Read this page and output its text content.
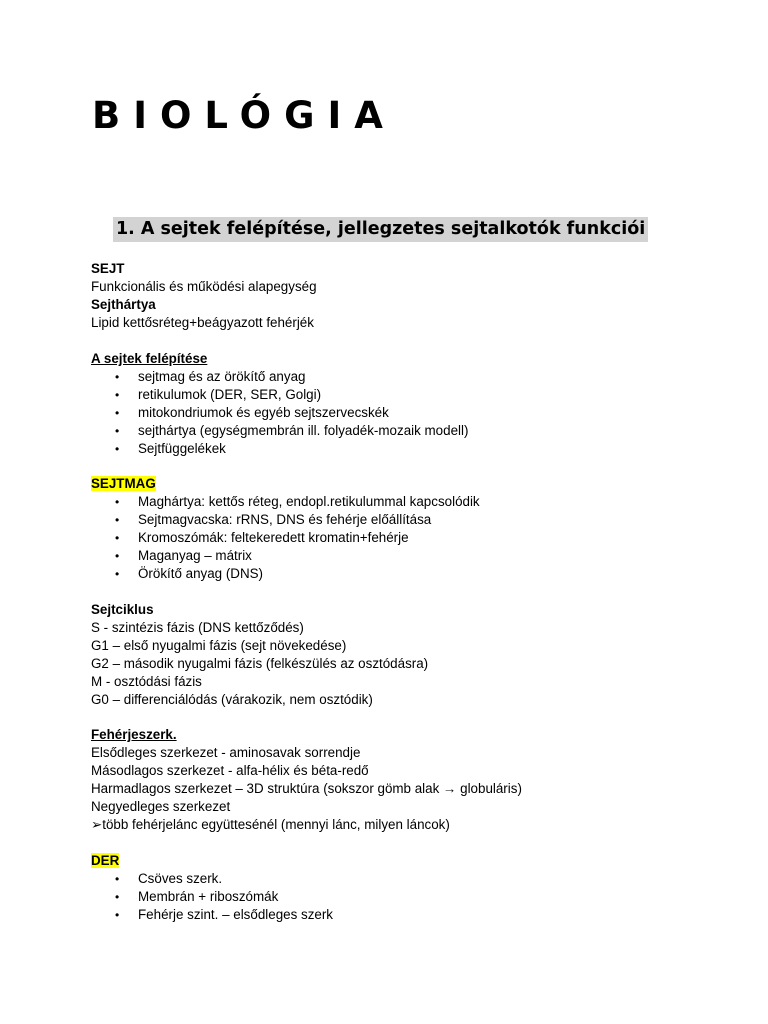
BIOLÓGIA
1. A sejtek felépítése, jellegzetes sejtalkotók funkciói
SEJT
Funkcionális és működési alapegység
Sejthártya
Lipid kettősréteg+beágyazott fehérjék
A sejtek felépítése
• sejtmag és az örökítő anyag
• retikulumok (DER, SER, Golgi)
• mitokondriumok és egyéb sejtszervecskék
• sejthártya (egységmembrán ill. folyadék-mozaik modell)
• Sejtfüggelékek
SEJTMAG
• Maghártya: kettős réteg, endopl.retikulummal kapcsolódik
• Sejtmagvacska: rRNS, DNS és fehérje előállítása
• Kromoszómák: feltekeredett kromatin+fehérje
• Maganyag – mátrix
• Örökítő anyag (DNS)
Sejtciklus
S - szintézis fázis (DNS kettőződés)
G1 – első nyugalmi fázis (sejt növekedése)
G2 – második nyugalmi fázis (felkészülés az osztódásra)
M - osztódási fázis
G0 – differenciálódás (várakozik, nem osztódik)
Fehérjeszerk.
Elsődleges szerkezet - aminosavak sorrendje
Másodlagos szerkezet - alfa-hélix és béta-redő
Harmadlagos szerkezet – 3D struktúra (sokszor gömb alak → globuláris)
Negyedleges szerkezet
➢több fehérjelánc együttesénél (mennyi lánc, milyen láncok)
DER
• Csöves szerk.
• Membrán + riboszómák
• Fehérje szint. – elsődleges szerk
